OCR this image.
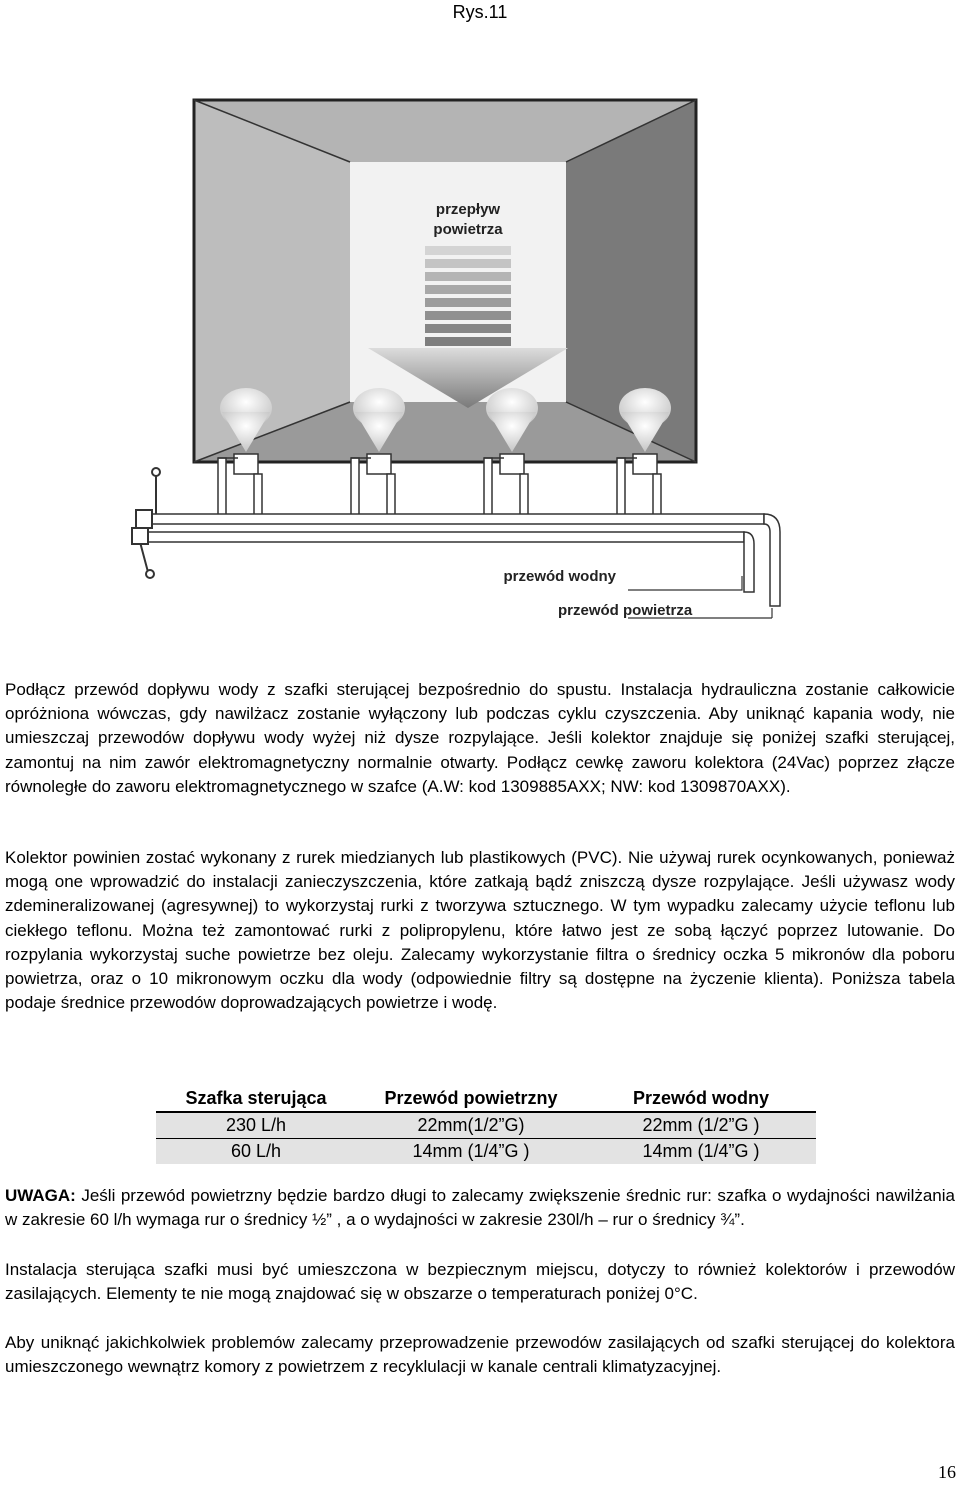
Rys.11
przepływ
powietrza
przewód wodny
przewód powietrza
Podłącz przewód dopływu wody z szafki sterującej bezpośrednio do spustu. Instalacja hydrauliczna zostanie całkowicie opróżniona wówczas, gdy nawilżacz zostanie wyłączony lub podczas cyklu czyszczenia. Aby uniknąć kapania wody, nie umieszczaj przewodów dopływu wody wyżej niż dysze rozpylające. Jeśli kolektor znajduje się poniżej szafki sterującej, zamontuj na nim zawór elektromagnetyczny normalnie otwarty. Podłącz cewkę zaworu kolektora (24Vac) poprzez złącze równoległe do zaworu elektromagnetycznego w szafce (A.W: kod 1309885AXX; NW: kod 1309870AXX).
Kolektor powinien zostać wykonany z rurek miedzianych lub plastikowych (PVC). Nie używaj rurek ocynkowanych, ponieważ mogą one wprowadzić do instalacji zanieczyszczenia, które zatkają bądź zniszczą dysze rozpylające. Jeśli używasz wody zdemineralizowanej (agresywnej) to wykorzystaj rurki z tworzywa sztucznego. W tym wypadku zalecamy użycie teflonu lub ciekłego teflonu. Można też zamontować rurki z polipropylenu, które łatwo jest ze sobą łączyć poprzez lutowanie. Do rozpylania wykorzystaj suche powietrze bez oleju. Zalecamy wykorzystanie filtra o średnicy oczka 5 mikronów dla poboru powietrza, oraz o 10 mikronowym oczku dla wody (odpowiednie filtry są dostępne na życzenie klienta). Poniższa tabela podaje średnice przewodów doprowadzających powietrze i wodę.
Szafka sterująca	Przewód powietrzny	Przewód wodny
230 L/h	22mm(1/2”G)	22mm (1/2”G )
60 L/h	14mm (1/4”G )	14mm (1/4”G )
UWAGA: Jeśli przewód powietrzny będzie bardzo długi to zalecamy zwiększenie średnic rur: szafka o wydajności nawilżania w zakresie 60 l/h wymaga rur o średnicy ½” , a o wydajności w zakresie 230l/h – rur o średnicy ¾”.
Instalacja sterująca szafki musi być umieszczona w bezpiecznym miejscu, dotyczy to również kolektorów i przewodów zasilających. Elementy te nie mogą znajdować się w obszarze o temperaturach poniżej 0°C.
Aby uniknąć jakichkolwiek problemów zalecamy przeprowadzenie przewodów zasilających od szafki sterującej do kolektora umieszczonego wewnątrz komory z powietrzem z recyklulacji w kanale centrali klimatyzacyjnej.
16
